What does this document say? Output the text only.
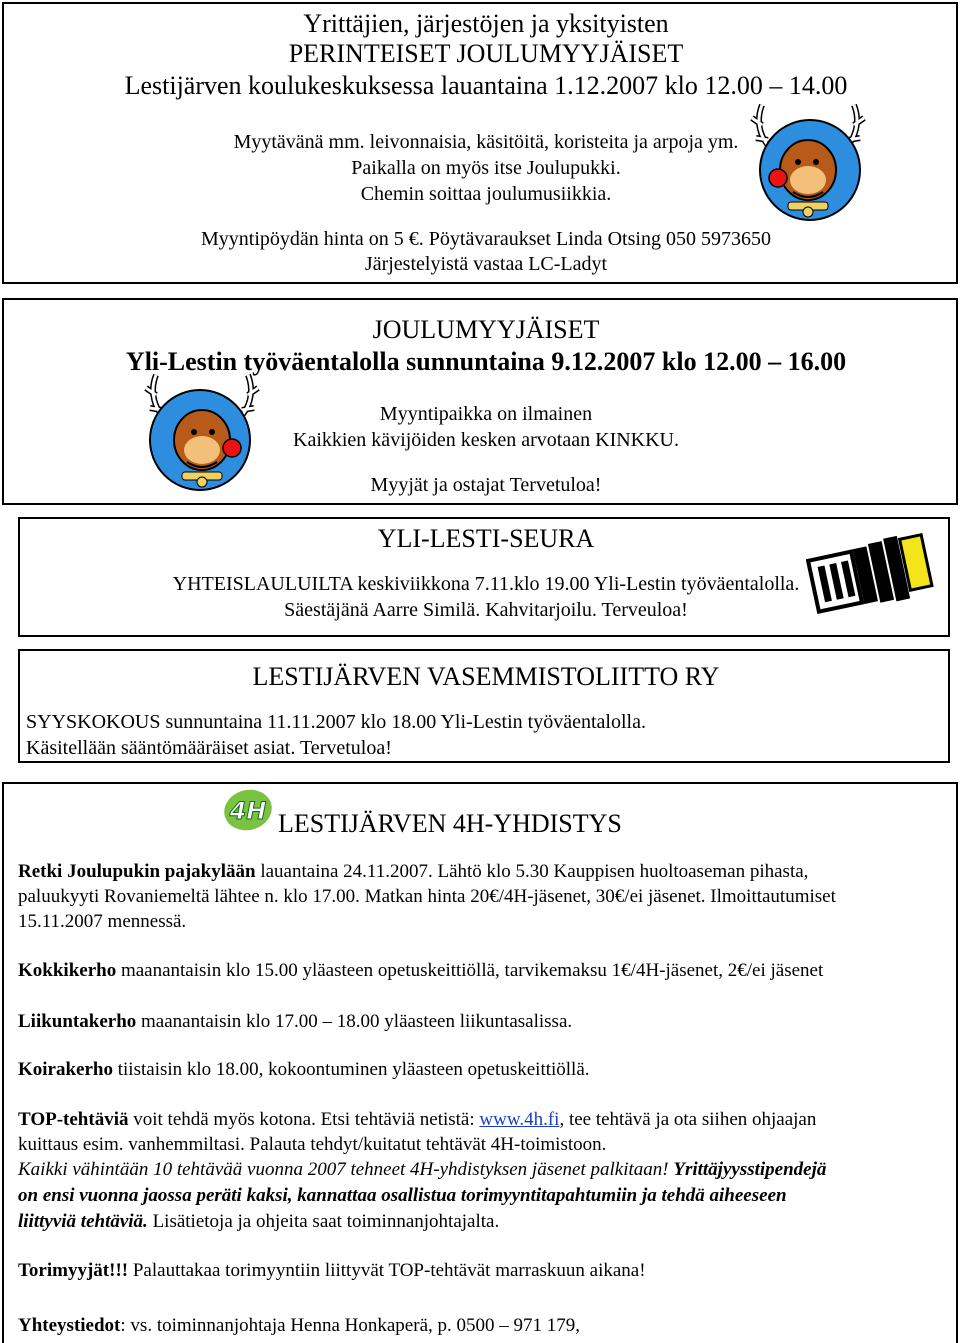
Yrittäjien, järjestöjen ja yksityisten
PERINTEISET JOULUMYYJÄISET
Lestijärven koulukeskuksessa lauantaina 1.12.2007 klo 12.00 – 14.00
Myytävänä mm. leivonnaisia, käsitöitä, koristeita ja arpoja ym.
Paikalla on myös itse Joulupukki.
Chemin soittaa joulumusiikkia.
Myyntipöydän hinta on 5 €. Pöytävaraukset Linda Otsing 050 5973650
Järjestelyistä vastaa LC-Ladyt
JOULUMYYJÄISET
Yli-Lestin työväentalolla sunnuntaina 9.12.2007 klo 12.00 – 16.00
Myyntipaikka on ilmainen
Kaikkien kävijöiden kesken arvotaan KINKKU.
Myyjät ja ostajat Tervetuloa!
YLI-LESTI-SEURA
YHTEISLAULUILTA keskiviikkona 7.11.klo 19.00 Yli-Lestin työväentalolla.
Säestäjänä Aarre Similä. Kahvitarjoilu. Terveuloa!
LESTIJÄRVEN VASEMMISTOLIITTO RY
SYYSKOKOUS sunnuntaina 11.11.2007 klo 18.00 Yli-Lestin työväentalolla.
Käsitellään sääntömääräiset asiat. Tervetuloa!
4H LESTIJÄRVEN 4H-YHDISTYS
Retki Joulupukin pajakylään lauantaina 24.11.2007. Lähtö klo 5.30 Kauppisen huoltoaseman pihasta,
paluukyyti Rovaniemeltä lähtee n. klo 17.00. Matkan hinta 20€/4H-jäsenet, 30€/ei jäsenet. Ilmoittautumiset
15.11.2007 mennessä.
Kokkikerho maanantaisin klo 15.00 yläasteen opetuskeittiöllä, tarvikemaksu 1€/4H-jäsenet, 2€/ei jäsenet
Liikuntakerho maanantaisin klo 17.00 – 18.00 yläasteen liikuntasalissa.
Koirakerho tiistaisin klo 18.00, kokoontuminen yläasteen opetuskeittiöllä.
TOP-tehtäviä voit tehdä myös kotona. Etsi tehtäviä netistä: www.4h.fi, tee tehtävä ja ota siihen ohjaajan
kuittaus esim. vanhemmiltasi. Palauta tehdyt/kuitatut tehtävät 4H-toimistoon.
Kaikki vähintään 10 tehtävää vuonna 2007 tehneet 4H-yhdistyksen jäsenet palkitaan! Yrittäjyysstipendejä
on ensi vuonna jaossa peräti kaksi, kannattaa osallistua torimyyntitapahtumiin ja tehdä aiheeseen
liittyviä tehtäviä. Lisätietoja ja ohjeita saat toiminnanjohtajalta.
Torimyyjät!!! Palauttakaa torimyyntiin liittyvät TOP-tehtävät marraskuun aikana!
Yhteystiedot: vs. toiminnanjohtaja Henna Honkaperä, p. 0500 – 971 179,
